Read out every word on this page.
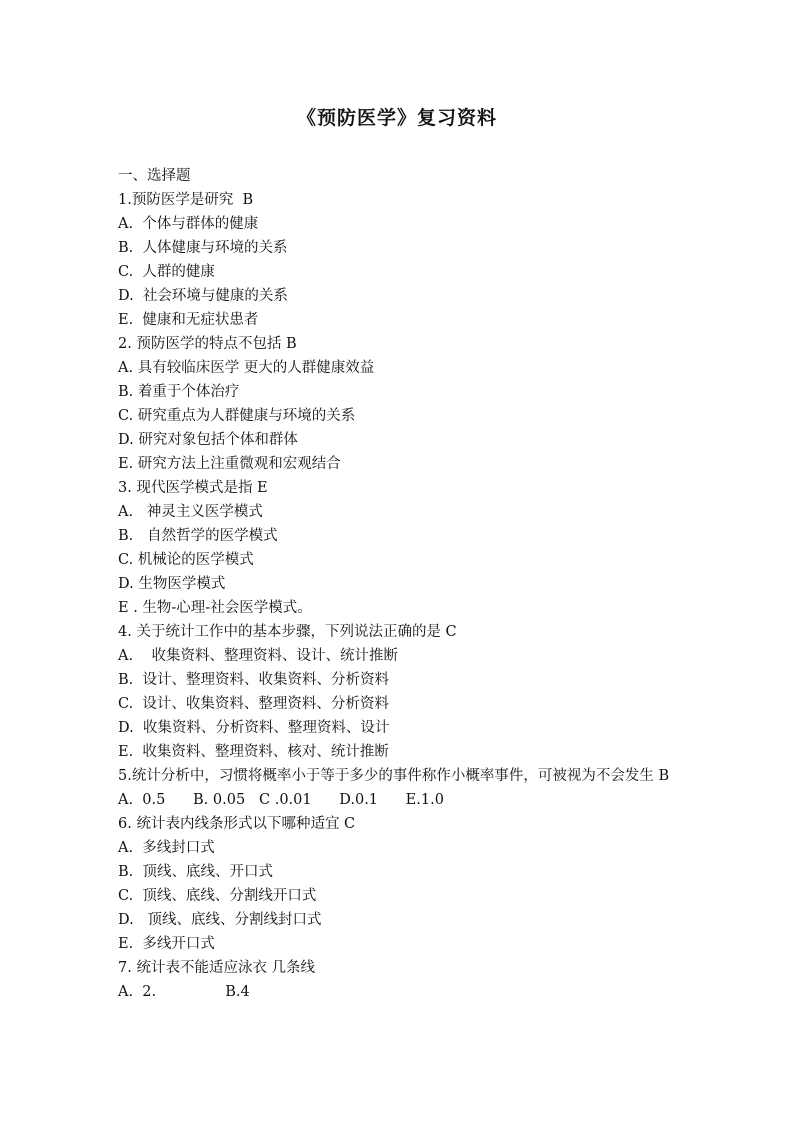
《预防医学》复习资料
一、选择题
1.预防医学是研究  B
A.  个体与群体的健康
B.  人体健康与环境的关系
C.  人群的健康
D.  社会环境与健康的关系
E.  健康和无症状患者
2. 预防医学的特点不包括 B
A. 具有较临床医学 更大的人群健康效益
B. 着重于个体治疗
C. 研究重点为人群健康与环境的关系
D. 研究对象包括个体和群体
E. 研究方法上注重微观和宏观结合
3. 现代医学模式是指 E
A.   神灵主义医学模式
B.   自然哲学的医学模式
C. 机械论的医学模式
D. 生物医学模式
E . 生物-心理-社会医学模式。
4. 关于统计工作中的基本步骤，下列说法正确的是 C
A.    收集资料、整理资料、设计、统计推断
B.  设计、整理资料、收集资料、分析资料
C.  设计、收集资料、整理资料、分析资料
D.  收集资料、分析资料、整理资料、设计
E.  收集资料、整理资料、核对、统计推断
5.统计分析中，习惯将概率小于等于多少的事件称作小概率事件，可被视为不会发生 B
A.  0.5      B. 0.05   C .0.01      D.0.1      E.1.0
6. 统计表内线条形式以下哪种适宜 C
A.  多线封口式
B.  顶线、底线、开口式
C.  顶线、底线、分割线开口式
D.   顶线、底线、分割线封口式
E.  多线开口式
7. 统计表不能适应泳衣 几条线
A.  2.               B.4
